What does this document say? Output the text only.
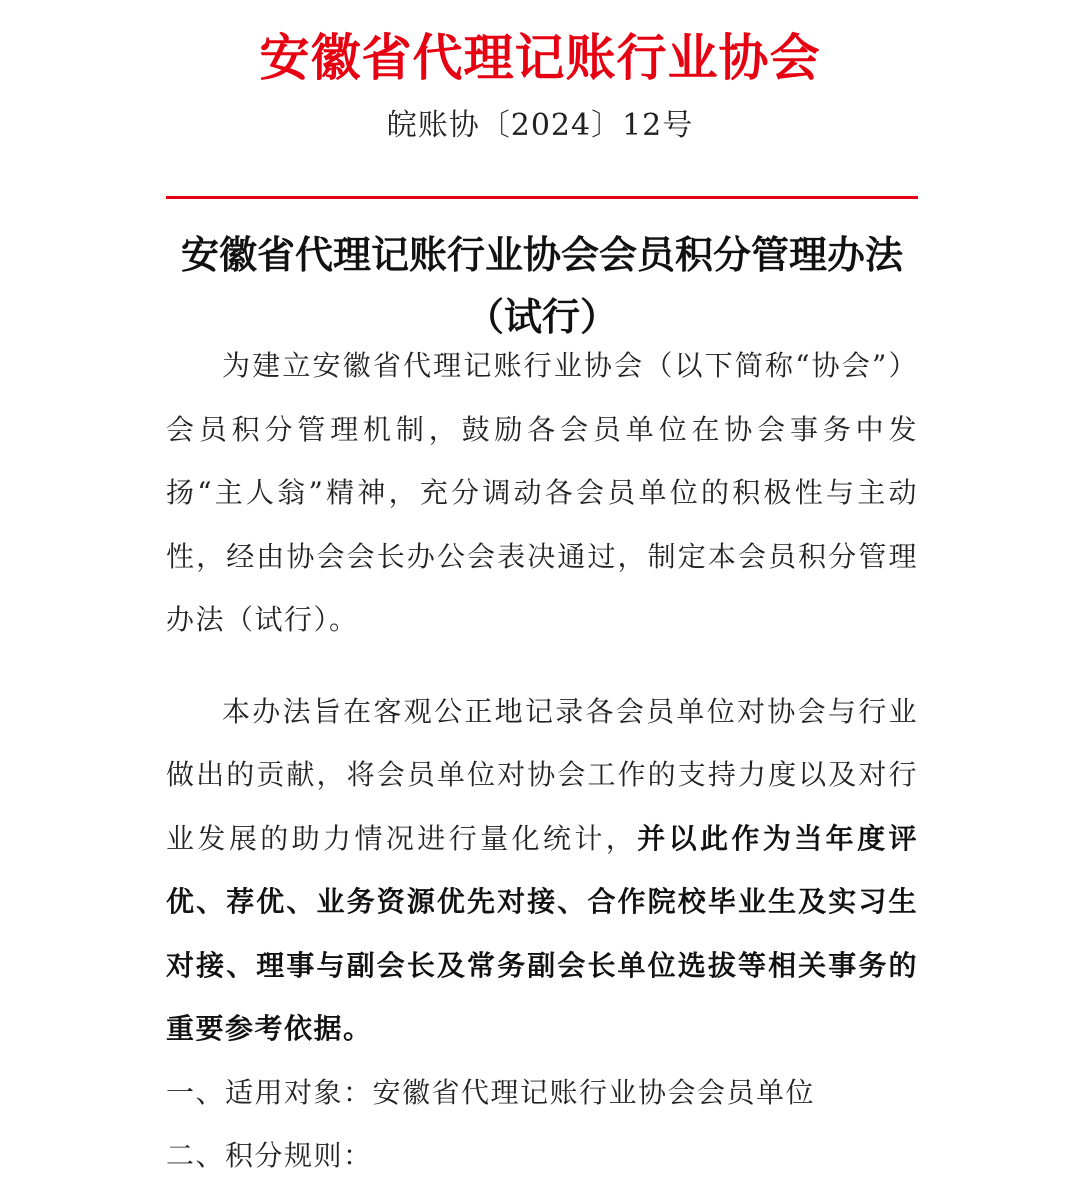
安徽省代理记账行业协会
皖账协〔2024〕12号
安徽省代理记账行业协会会员积分管理办法
（试行）

为建立安徽省代理记账行业协会（以下简称“协会”）会员积分管理机制，鼓励各会员单位在协会事务中发扬“主人翁”精神，充分调动各会员单位的积极性与主动性，经由协会会长办公会表决通过，制定本会员积分管理办法（试行）。

本办法旨在客观公正地记录各会员单位对协会与行业做出的贡献，将会员单位对协会工作的支持力度以及对行业发展的助力情况进行量化统计，并以此作为当年度评优、荐优、业务资源优先对接、合作院校毕业生及实习生对接、理事与副会长及常务副会长单位选拔等相关事务的重要参考依据。

一、适用对象：安徽省代理记账行业协会会员单位

二、积分规则：
